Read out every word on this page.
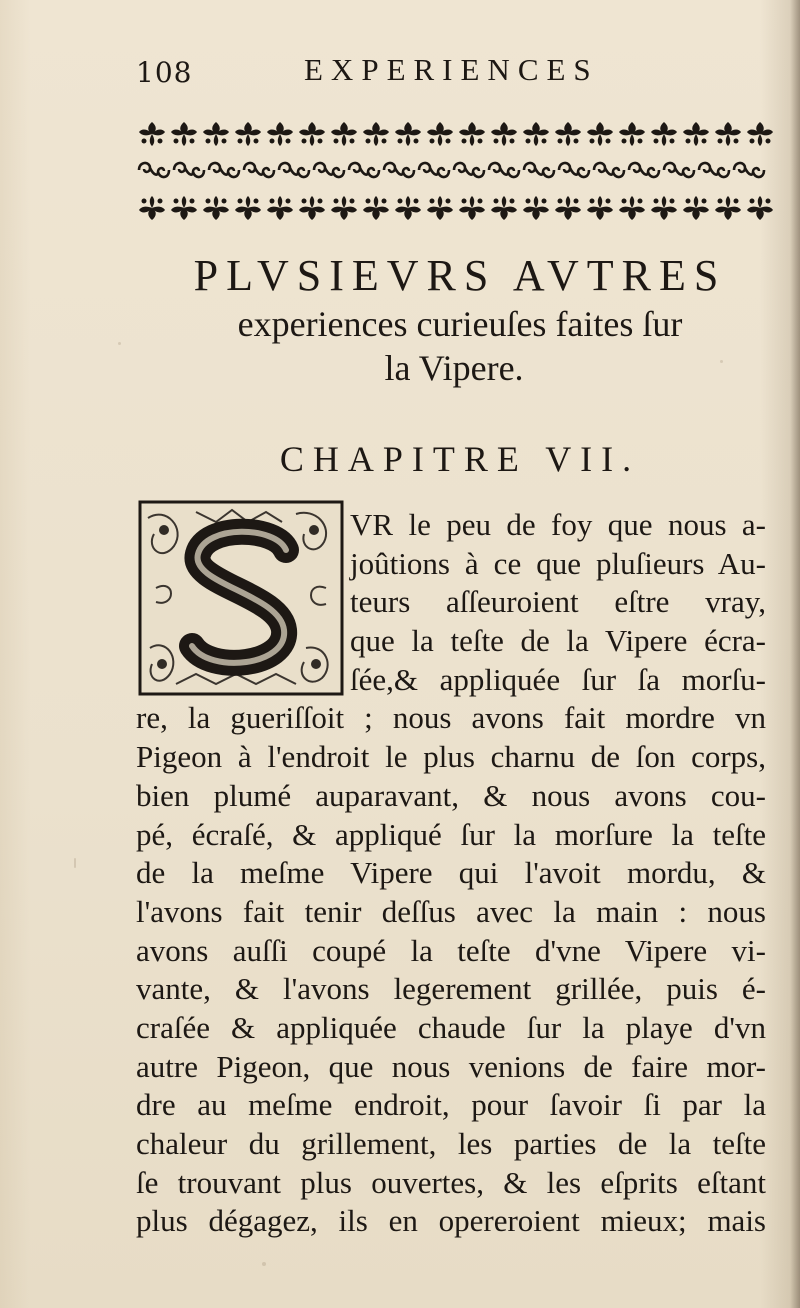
108	EXPERIENCES
PLVSIEVRS AVTRES
experiences curieuſes faites ſur
la Vipere.
CHAPITRE VII.
VR le peu de foy que nous a-
joûtions à ce que pluſieurs Au-
teurs aſſeuroient eſtre vray,
que la teſte de la Vipere écra-
ſée,& appliquée ſur ſa morſu-
re, la gueriſſoit ; nous avons fait mordre vn
Pigeon à l'endroit le plus charnu de ſon corps,
bien plumé auparavant, & nous avons cou-
pé, écraſé, & appliqué ſur la morſure la teſte
de la meſme Vipere qui l'avoit mordu, &
l'avons fait tenir deſſus avec la main : nous
avons auſſi coupé la teſte d'vne Vipere vi-
vante, & l'avons legerement grillée, puis é-
craſée & appliquée chaude ſur la playe d'vn
autre Pigeon, que nous venions de faire mor-
dre au meſme endroit, pour ſavoir ſi par la
chaleur du grillement, les parties de la teſte
ſe trouvant plus ouvertes, & les eſprits eſtant
plus dégagez, ils en opereroient mieux; mais
